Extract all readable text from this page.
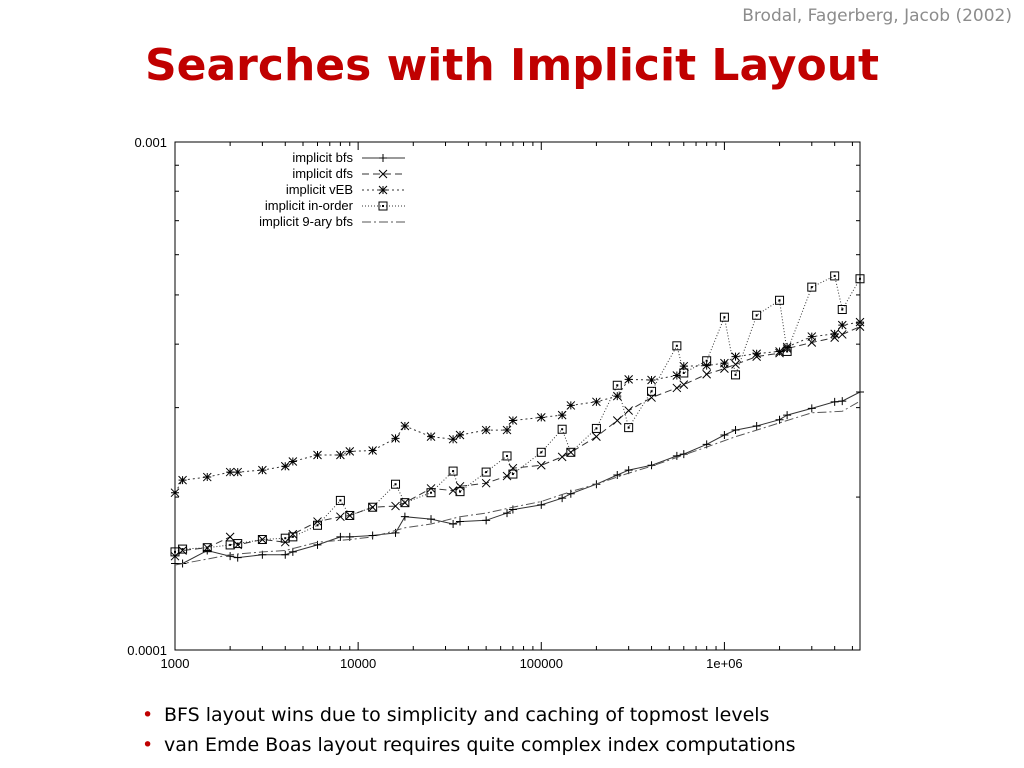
Brodal, Fagerberg, Jacob (2002)
Searches with Implicit Layout
1000	10000	100000	1e+06
0.0001
0.001
implicit bfs
implicit dfs
implicit vEB
implicit in-order
implicit 9-ary bfs
• BFS layout wins due to simplicity and caching of topmost levels
• van Emde Boas layout requires quite complex index computations
